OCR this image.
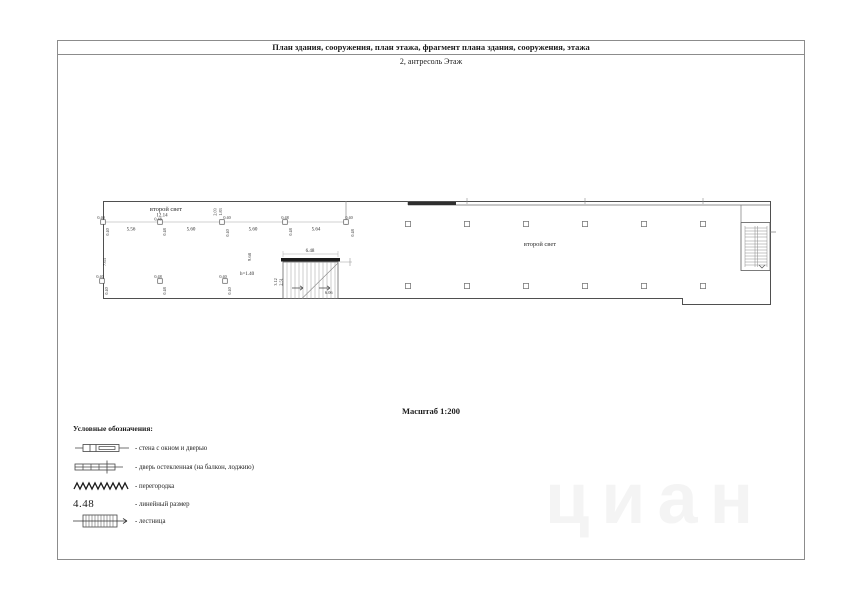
План здания, сооружения, план этажа, фрагмент плана здания, сооружения, этажа
2, антресоль Этаж
второй свет
второй свет
12.14
5.56	5.60	5.60	5.64
6.48
h=1.40
6.06
7.63
9.68
2.03 1.83
3.12 2.51
0.40
0.40
0.48
0.48
0.40
0.40
0.48
0.48
0.40
0.48
0.40
0.40
0.48
0.48
0.40
0.40
Масштаб 1:200
Условные обозначения:
- стена с окном и дверью
- дверь остекленная (на балкон, лоджию)
- перегородка
4.48	- линейный размер
- лестница	циан
